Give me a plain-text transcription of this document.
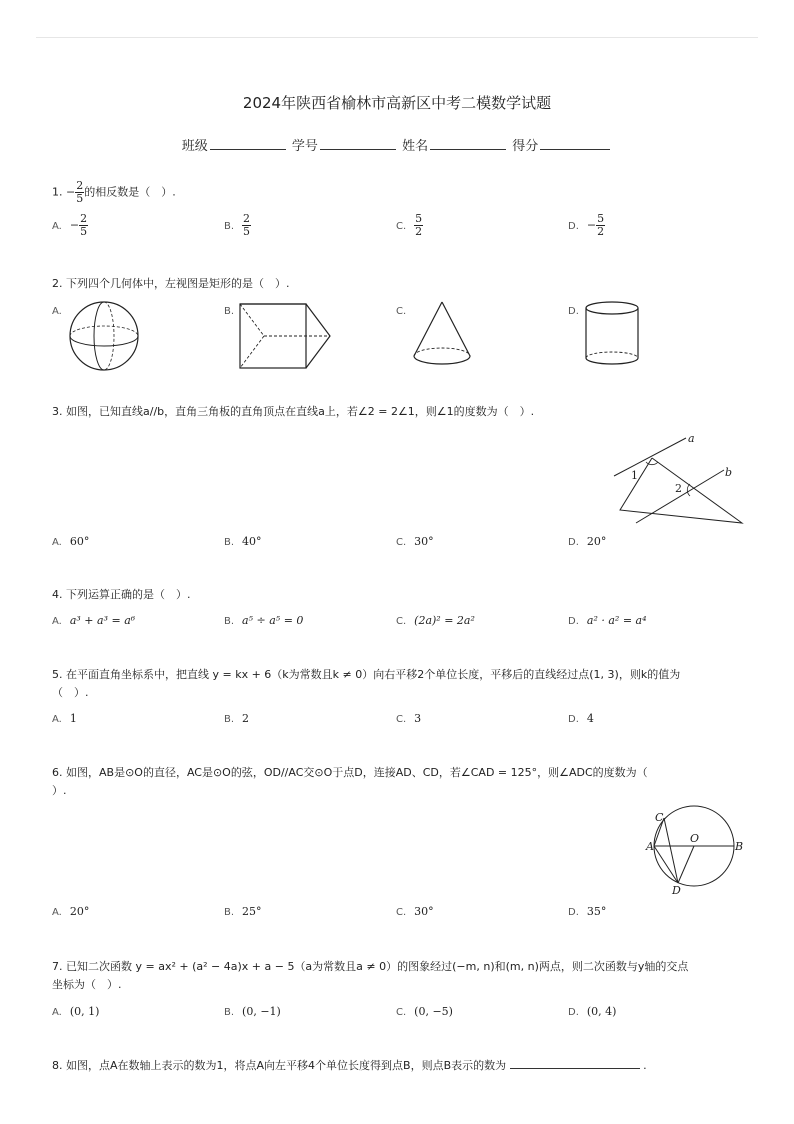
2024年陕西省榆林市高新区中考二模数学试题
班级	学号	姓名	得分
1. − $\frac{2}{5}$ 的相反数是（　）.
A. − $\frac{2}{5}$	B. $\frac{2}{5}$	C. $\frac{5}{2}$	D. − $\frac{5}{2}$
2. 下列四个几何体中，左视图是矩形的是（　）.
A.	B.	C.	D.
3. 如图，已知直线a//b，直角三角板的直角顶点在直线a上，若∠2 = 2∠1，则∠1的度数为（　）.
a
b
1
2
A. 60°	B. 40°	C. 30°	D. 20°
4. 下列运算正确的是（　）.
A. a³ + a³ = a⁶	B. a⁵ ÷ a⁵ = 0	C. (2a)² = 2a²	D. a² · a² = a⁴
5. 在平面直角坐标系中，把直线 y = kx + 6（k为常数且k ≠ 0）向右平移2个单位长度，平移后的直线经过点(1, 3)，则k的值为
（　）.
A. 1	B. 2	C. 3	D. 4
6. 如图，AB是⊙O的直径，AC是⊙O的弦，OD//AC交⊙O于点D，连接AD、CD，若∠CAD = 125°，则∠ADC的度数为（
）.
C
O
A	B
D
A. 20°	B. 25°	C. 30°	D. 35°
7. 已知二次函数 y = ax² + (a² − 4a)x + a − 5（a为常数且a ≠ 0）的图象经过(−m, n)和(m, n)两点，则二次函数与y轴的交点
坐标为（　）.
A. (0, 1)	B. (0, −1)	C. (0, −5)	D. (0, 4)
8. 如图，点A在数轴上表示的数为1，将点A向左平移4个单位长度得到点B，则点B表示的数为	.
